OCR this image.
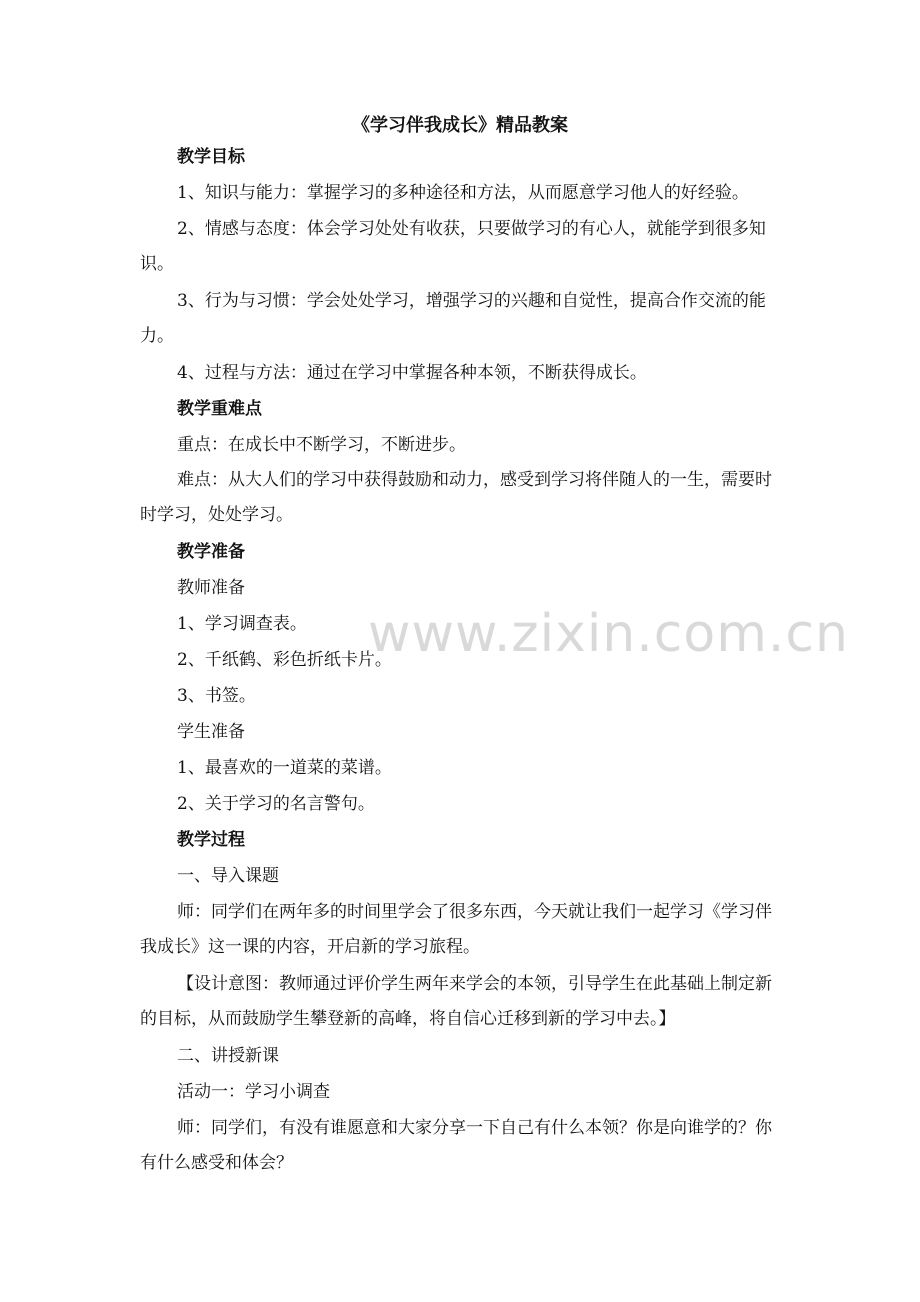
《学习伴我成长》精品教案
教学目标
1、知识与能力：掌握学习的多种途径和方法，从而愿意学习他人的好经验。
2、情感与态度：体会学习处处有收获，只要做学习的有心人，就能学到很多知识。
3、行为与习惯：学会处处学习，增强学习的兴趣和自觉性，提高合作交流的能力。
4、过程与方法：通过在学习中掌握各种本领，不断获得成长。
教学重难点
重点：在成长中不断学习，不断进步。
难点：从大人们的学习中获得鼓励和动力，感受到学习将伴随人的一生，需要时时学习，处处学习。
教学准备
教师准备
1、学习调查表。
2、千纸鹤、彩色折纸卡片。
3、书签。
学生准备
1、最喜欢的一道菜的菜谱。
2、关于学习的名言警句。
教学过程
一、导入课题
师：同学们在两年多的时间里学会了很多东西，今天就让我们一起学习《学习伴我成长》这一课的内容，开启新的学习旅程。
【设计意图：教师通过评价学生两年来学会的本领，引导学生在此基础上制定新的目标，从而鼓励学生攀登新的高峰，将自信心迁移到新的学习中去。】
二、讲授新课
活动一：学习小调查
师：同学们，有没有谁愿意和大家分享一下自己有什么本领？你是向谁学的？你有什么感受和体会？
www.zixin.com.cn
